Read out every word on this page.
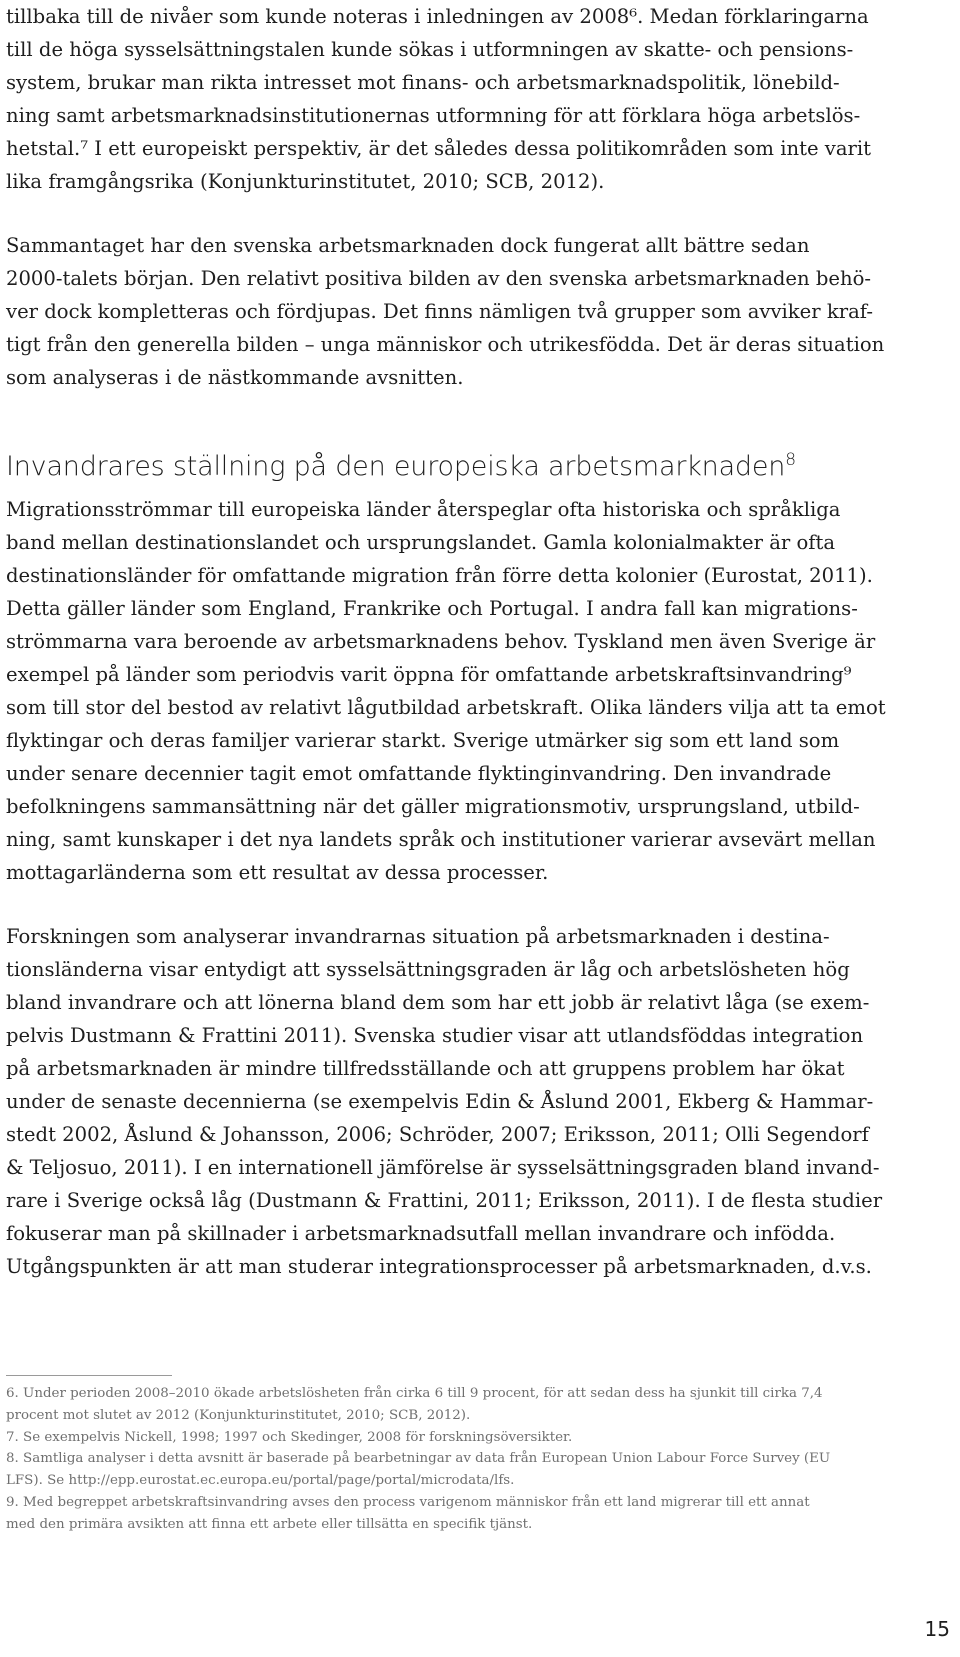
tillbaka till de nivåer som kunde noteras i inledningen av 2008⁶. Medan förklaringarna
till de höga sysselsättningstalen kunde sökas i utformningen av skatte- och pensions-
system, brukar man rikta intresset mot finans- och arbetsmarknadspolitik, lönebild-
ning samt arbetsmarknadsinstitutionernas utformning för att förklara höga arbetslös-
hetstal.⁷ I ett europeiskt perspektiv, är det således dessa politikområden som inte varit
lika framgångsrika (Konjunkturinstitutet, 2010; SCB, 2012).
Sammantaget har den svenska arbetsmarknaden dock fungerat allt bättre sedan
2000-talets början. Den relativt positiva bilden av den svenska arbetsmarknaden behö-
ver dock kompletteras och fördjupas. Det finns nämligen två grupper som avviker kraf-
tigt från den generella bilden – unga människor och utrikesfödda. Det är deras situation
som analyseras i de nästkommande avsnitten.
Invandrares ställning på den europeiska arbetsmarknaden$^8$
Migrationsströmmar till europeiska länder återspeglar ofta historiska och språkliga
band mellan destinationslandet och ursprungslandet. Gamla kolonialmakter är ofta
destinationsländer för omfattande migration från förre detta kolonier (Eurostat, 2011).
Detta gäller länder som England, Frankrike och Portugal. I andra fall kan migrations-
strömmarna vara beroende av arbetsmarknadens behov. Tyskland men även Sverige är
exempel på länder som periodvis varit öppna för omfattande arbetskraftsinvandring⁹
som till stor del bestod av relativt lågutbildad arbetskraft. Olika länders vilja att ta emot
flyktingar och deras familjer varierar starkt. Sverige utmärker sig som ett land som
under senare decennier tagit emot omfattande flyktinginvandring. Den invandrade
befolkningens sammansättning när det gäller migrationsmotiv, ursprungsland, utbild-
ning, samt kunskaper i det nya landets språk och institutioner varierar avsevärt mellan
mottagarländerna som ett resultat av dessa processer.
Forskningen som analyserar invandrarnas situation på arbetsmarknaden i destina-
tionsländerna visar entydigt att sysselsättningsgraden är låg och arbetslösheten hög
bland invandrare och att lönerna bland dem som har ett jobb är relativt låga (se exem-
pelvis Dustmann & Frattini 2011). Svenska studier visar att utlandsföddas integration
på arbetsmarknaden är mindre tillfredsställande och att gruppens problem har ökat
under de senaste decennierna (se exempelvis Edin & Åslund 2001, Ekberg & Hammar-
stedt 2002, Åslund & Johansson, 2006; Schröder, 2007; Eriksson, 2011; Olli Segendorf
& Teljosuo, 2011). I en internationell jämförelse är sysselsättningsgraden bland invand-
rare i Sverige också låg (Dustmann & Frattini, 2011; Eriksson, 2011). I de flesta studier
fokuserar man på skillnader i arbetsmarknadsutfall mellan invandrare och infödda.
Utgångspunkten är att man studerar integrationsprocesser på arbetsmarknaden, d.v.s.
6. Under perioden 2008–2010 ökade arbetslösheten från cirka 6 till 9 procent, för att sedan dess ha sjunkit till cirka 7,4
procent mot slutet av 2012 (Konjunkturinstitutet, 2010; SCB, 2012).
7. Se exempelvis Nickell, 1998; 1997 och Skedinger, 2008 för forskningsöversikter.
8. Samtliga analyser i detta avsnitt är baserade på bearbetningar av data från European Union Labour Force Survey (EU
LFS). Se http://epp.eurostat.ec.europa.eu/portal/page/portal/microdata/lfs.
9. Med begreppet arbetskraftsinvandring avses den process varigenom människor från ett land migrerar till ett annat
med den primära avsikten att finna ett arbete eller tillsätta en specifik tjänst.
15
